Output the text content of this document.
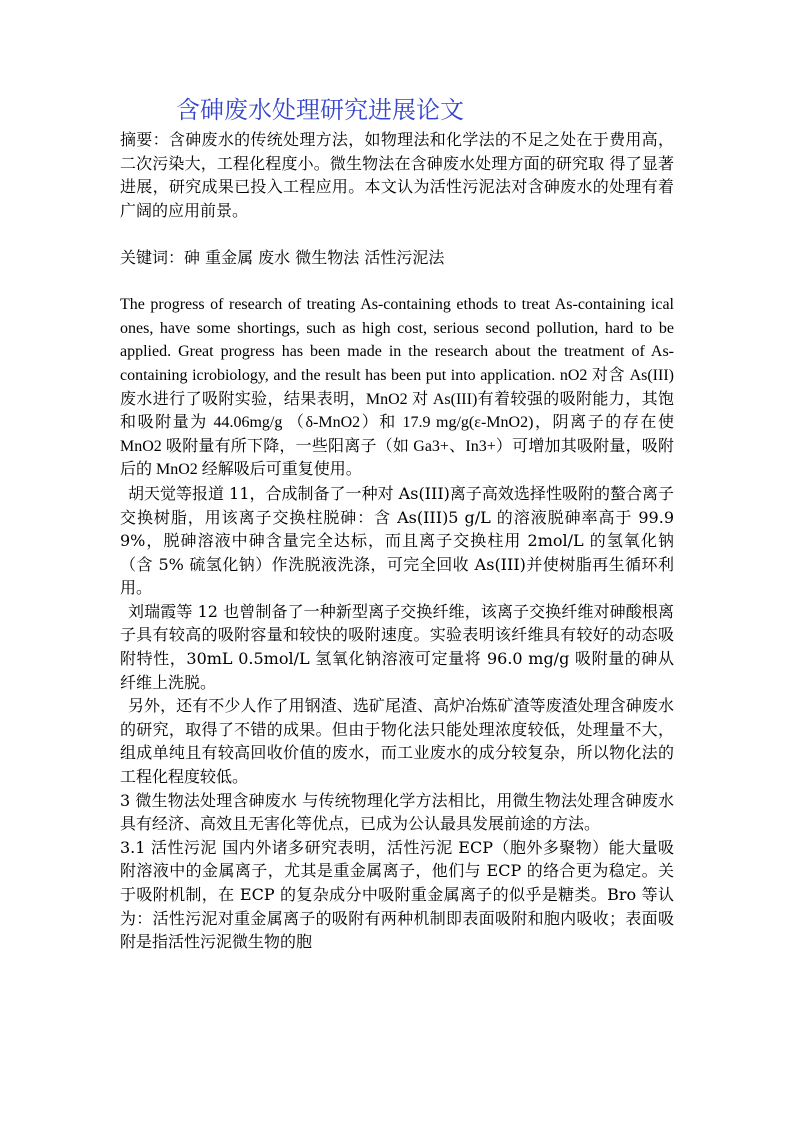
含砷废水处理研究进展论文

摘要：含砷废水的传统处理方法，如物理法和化学法的不足之处在于费用高，二次污染大，工程化程度小。微生物法在含砷废水处理方面的研究取 得了显著进展，研究成果已投入工程应用。本文认为活性污泥法对含砷废水的处理有着广阔的应用前景。

关键词：砷 重金属 废水 微生物法 活性污泥法

The progress of research of treating As-containing ethods to treat As-containing ical ones, have some shortings, such as high cost, serious second pollution, hard to be applied. Great progress has been made in the research about the treatment of As-containing icrobiology, and the result has been put into application. nO2 对含 As(III)废水进行了吸附实验，结果表明，MnO2 对 As(III)有着较强的吸附能力，其饱和吸附量为 44.06mg/g （δ-MnO2）和 17.9 mg/g(ε-MnO2)，阴离子的存在使 MnO2 吸附量有所下降，一些阳离子（如 Ga3+、In3+）可增加其吸附量，吸附后的 MnO2 经解吸后可重复使用。

胡天觉等报道 11，合成制备了一种对 As(III)离子高效选择性吸附的螯合离子交换树脂，用该离子交换柱脱砷：含 As(III)5 g/L 的溶液脱砷率高于 99.99%，脱砷溶液中砷含量完全达标，而且离子交换柱用 2mol/L 的氢氧化钠（含 5% 硫氢化钠）作洗脱液洗涤，可完全回收 As(III)并使树脂再生循环利用。

刘瑞霞等 12 也曾制备了一种新型离子交换纤维，该离子交换纤维对砷酸根离子具有较高的吸附容量和较快的吸附速度。实验表明该纤维具有较好的动态吸附特性，30mL 0.5mol/L 氢氧化钠溶液可定量将 96.0 mg/g 吸附量的砷从纤维上洗脱。

另外，还有不少人作了用钢渣、选矿尾渣、高炉冶炼矿渣等废渣处理含砷废水的研究，取得了不错的成果。但由于物化法只能处理浓度较低，处理量不大，组成单纯且有较高回收价值的废水，而工业废水的成分较复杂，所以物化法的工程化程度较低。

3 微生物法处理含砷废水 与传统物理化学方法相比，用微生物法处理含砷废水具有经济、高效且无害化等优点，已成为公认最具发展前途的方法。

3.1 活性污泥 国内外诸多研究表明，活性污泥 ECP（胞外多聚物）能大量吸附溶液中的金属离子，尤其是重金属离子，他们与 ECP 的络合更为稳定。关于吸附机制，在 ECP 的复杂成分中吸附重金属离子的似乎是糖类。Bro 等认为：活性污泥对重金属离子的吸附有两种机制即表面吸附和胞内吸收；表面吸附是指活性污泥微生物的胞
